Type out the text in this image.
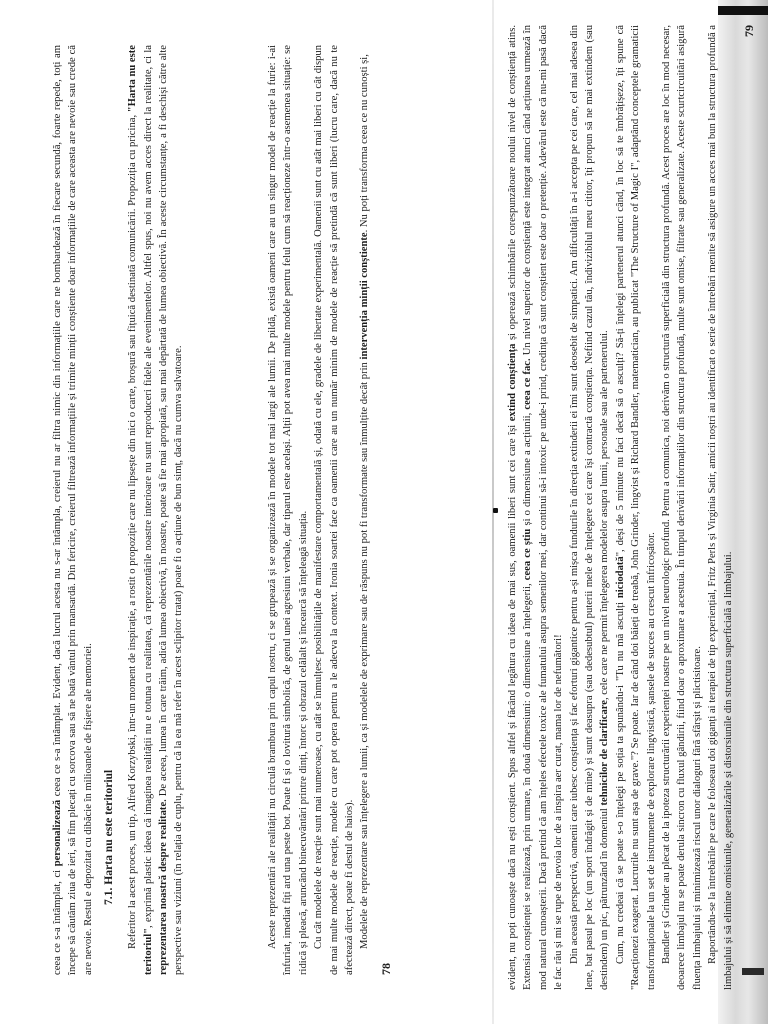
ceea ce s-a întâmplat, ci personalizează ceea ce s-a întâmplat. Evident, dacă lucrul acesta nu s-ar întâmpla, creierul nu ar filtra nimic din informațiile care ne bombardează în fiecare secundă, foarte repede, toți am începe să căutăm ziua de ieri, să fim plecați cu sorcova sau să ne bată vântul prin mansardă. Din fericire, creierul filtrează informațiile și trimite minții conștiente doar informațiile de care aceasta are nevoie sau crede că are nevoie. Restul e depozitat cu dibăcie în milioanele de fișiere ale memoriei. 7.1. Harta nu este teritoriul Referitor la acest proces, un tip, Alfred Korzybski, într-un moment de inspirație, a rostit o propoziție care nu lipsește din nici o carte, broșură sau fițuică destinată comunicării. Propoziția cu pricina, "Harta nu este teritoriul", exprimă plastic ideea că imaginea realității nu e totuna cu realitatea, că reprezentările noastre interioare nu sunt reproduceri fidele ale evenimentelor. Altfel spus, noi nu avem acces direct la realitate, ci la reprezentarea noastră despre realitate. De aceea, lumea în care trăim, adică lumea obiectivă, în noastre, poate să fie mai apropiată, sau mai depărtată de lumea obiectivă. În aceste circumstanțe, a fi deschiși către alte perspective sau viziuni (în relația de cuplu, pentru că la ea mă refer în acest sclipitor tratat) poate fi o acțiune de bun simț, dacă nu cumva salvatoare.	Aceste reprezentări ale realității nu circulă brambura prin capul nostru, ci se grupează și se organizează în modele tot mai largi ale lumii. De pildă, există oameni care au un singur model de reacție la furie: i-ai înfuriat, imediat fiți ard una peste bot. Poate fi și o lovitură simbolică, de genul unei agresiuni verbale, dar tiparul este același. Alții pot avea mai multe modele pentru felul cum să reacționeze într-o asemenea situație: se ridică și pleacă, aruncând binecuvântări printre dinți, întorc și obrazul celălalt și încearcă să înțeleagă situația. Cu cât modelele de reacție sunt mai numeroase, cu atât se înmulțesc posibilitățile de manifestare comportamentală și, odată cu ele, gradele de libertate experimentală. Oamenii sunt cu atât mai liberi cu cât dispun de mai multe modele de reacție, modele cu care pot opera pentru a le adecva la context. Ironia soartei face ca oamenii care au un număr minim de modele de reacție să pretindă că sunt liberi (lucru care, dacă nu te afectează direct, poate fi destul de haios). Modelele de reprezentare sau înțelegere a lumii, ca și modelele de exprimare sau de răspuns nu pot fi transformate sau înmulțite decât prin intervenția minții conștiente. Nu poți transforma ceea ce nu cunoști și,

78	evident, nu poți cunoaște dacă nu ești conștient. Spus altfel și făcând legătura cu ideea de mai sus, oamenii liberi sunt cei care își extind conștiența și operează schimbările corespunzătoare noului nivel de conștiență atins. Extensia conștienței se realizează, prin urmare, în două dimensiuni: o dimensiune a înțelegerii, ceea ce știu și o dimensiune a acțiunii, ceea ce fac. Un nivel superior de conștiență este integrat atunci când acțiunea urmează în mod natural cunoașterii. Dacă pretind că am înțeles efectele toxice ale fumatului asupra semenilor mei, dar continui să-i intoxic pe unde-i prind, credința că sunt conștient este doar o pretenție. Adevărul este că nu-mi pasă dacă le fac rău și mi se rupe de nevoia lor de a inspira aer curat, mama lor de nefumători! Din această perspectivă, oamenii care iubesc conștiența și fac eforturi gigantice pentru a-și mișca fundurile în direcția extinderii ei îmi sunt deosebit de simpatici. Am dificultăți în a-i accepta pe cei care, cel mai adesea din lene, bat pasul pe loc (un sport îndrăgit și de mine) și sunt deasupra (sau dedesubtul) puterii mele de înțelegere cei care își contractă conștiența. Nefiind cazul tău, îndivizibilul meu cititor, îți propun să ne mai extindem (sau destindem) un pic, pătrunzând în domeniul tehnicilor de clarificare, cele care ne permit înțelegerea modelelor asupra lumii, personale sau ale partenerului.

Cum, nu credeai că se poate s-o înțelegi pe soția ta spunându-i "Tu nu mă asculți niciodată", deși de 5 minute nu faci decât să o asculți? Să-ți înțelegi partenerul atunci când, în loc să te îmbrățișeze, îți spune că "Reacționezi exagerat. Lucrurile nu sunt așa de grave."? Se poate. Iar de când doi băieți de treabă, John Grinder, lingvist și Richard Bandler, matematician, au publicat "The Structure of Magic I", adaptând conceptele gramaticii transformaționale la un set de instrumente de explorare lingvistică, șansele de succes au crescut înfricoșător. Bandler și Grinder au plecat de la ipoteza structurării experienței noastre pe un nivel neurologic profund. Pentru a comunica, noi derivăm o structură superficială din structura profundă. Acest proces are loc în mod necesar, deoarece limbajul nu se poate derula sincron cu fluxul gândirii, fiind doar o aproximare a acestuia. În timpul derivării informațiilor din structura profundă, multe sunt omise, filtrate sau generalizate. Aceste scurtcircuitări asigură fluența limbajului și minimizează riscul unor dialoguri fără sfârșit și plictisitoare. Raportându-se la întrebările pe care le foloseau doi giganți ai terapiei de tip experiențial, Fritz Perls și Virginia Satir, amicii noștri au identificat o serie de întrebări menite să asigure un acces mai bun la structura profundă a limbajului și să elimine omisiunile, generalizările și distorsiunile din structura superficială a limbajului.

79
